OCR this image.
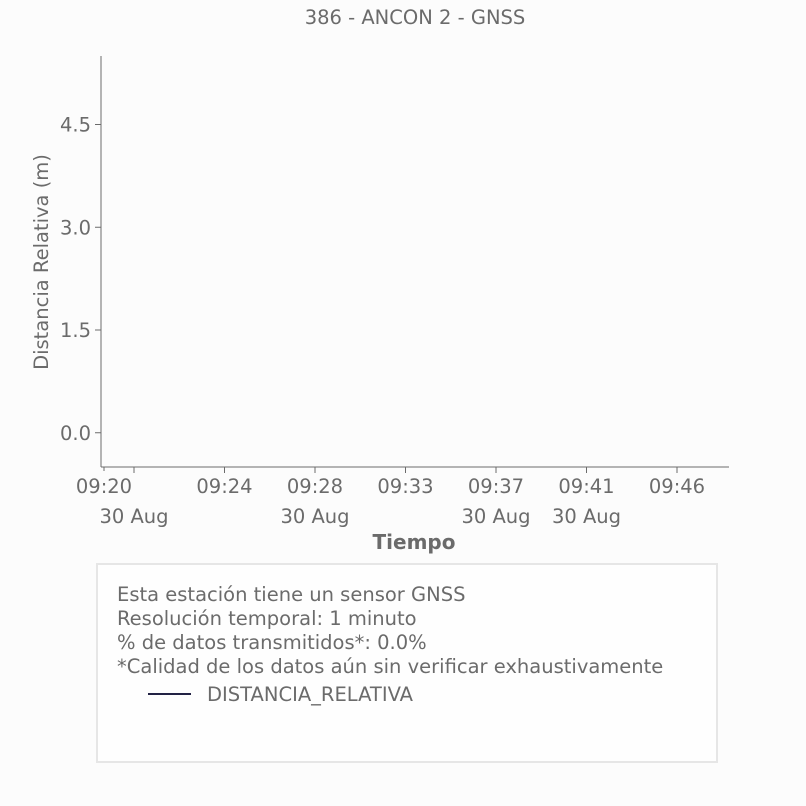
386 - ANCON 2 - GNSS
Distancia Relativa (m)
Tiempo
0.0
1.5
3.0
4.5
09:20
30 Aug
09:24 09:28
30 Aug
09:33 09:37
30 Aug
09:41
30 Aug
09:46
Esta estación tiene un sensor GNSS
Resolución temporal: 1 minuto
% de datos transmitidos*: 0.0%
*Calidad de los datos aún sin verificar exhaustivamente
DISTANCIA_RELATIVA
